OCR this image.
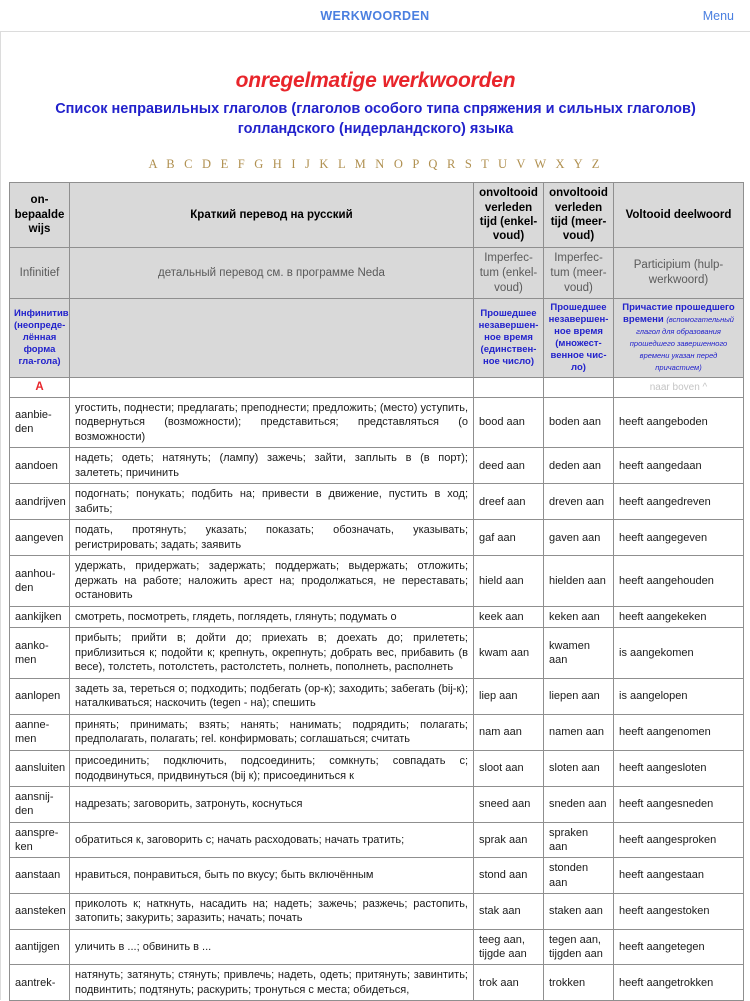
WERKWOORDEN	Menu
onregelmatige werkwoorden
Список неправильных глаголов (глаголов особого типа спряжения и сильных глаголов)
голландского (нидерландского) языка
A B C D E F G H I J K L M N O P Q R S T U V W X Y Z
on-bepaalde wijs	Краткий перевод на русский	onvoltooid verleden tijd (enkel-voud)	onvoltooid verleden tijd (meer-voud)	Voltooid deelwoord
Infinitief	детальный перевод см. в программе Neda	Imperfec-tum (enkel-voud)	Imperfec-tum (meer-voud)	Participium (hulp-werkwoord)
Инфинитив (неопреде-лённая форма гла-гола)		Прошедшее незавершен-ное время (единствен-ное число)	Прошедшее незавершен-ное время (множест-венное чис-ло)	Причастие прошедшего времени (вспомогательный глагол для образования прошедшего завершенного времени указан перед причастием)
A				naar boven ^
aanbie-den	угостить, поднести; предлагать; преподнести; предложить; (место) уступить, подвернуться (возможности); представиться; представляться (о возможности)	bood aan	boden aan	heeft aangeboden
aandoen	надеть; одеть; натянуть; (лампу) зажечь; зайти, заплыть в (в порт); залететь; причинить	deed aan	deden aan	heeft aangedaan
aandrijven	подогнать; понукать; подбить на; привести в движение, пустить в ход; забить;	dreef aan	dreven aan	heeft aangedreven
aangeven	подать, протянуть; указать; показать; обозначать, указывать; регистрировать; задать; заявить	gaf aan	gaven aan	heeft aangegeven
aanhou-den	удержать, придержать; задержать; поддержать; выдержать; отложить; держать на работе; наложить арест на; продолжаться, не переставать; остановить	hield aan	hielden aan	heeft aangehouden
aankijken	смотреть, посмотреть, глядеть, поглядеть, глянуть; подумать о	keek aan	keken aan	heeft aangekeken
aanko-men	прибыть; прийти в; дойти до; приехать в; доехать до; прилететь; приблизиться к; подойти к; крепнуть, окрепнуть; добрать вес, прибавить (в весе), толстеть, потолстеть, растолстеть, полнеть, пополнеть, располнеть	kwam aan	kwamen aan	is aangekomen
aanlopen	задеть за, тереться о; подходить; подбегать (ор-к); заходить; забегать (bij-к); наталкиваться; наскочить (tegen - на); спешить	liep aan	liepen aan	is aangelopen
aanne-men	принять; принимать; взять; нанять; нанимать; подрядить; полагать; предполагать, полагать; rel. конфирмовать; соглашаться; считать	nam aan	namen aan	heeft aangenomen
aansluiten	присоединить; подключить, подсоединить; сомкнуть; совпадать с; пододвинуться, придвинуться (bij к); присоединиться к	sloot aan	sloten aan	heeft aangesloten
aansnij-den	надрезать; заговорить, затронуть, коснуться	sneed aan	sneden aan	heeft aangesneden
aanspre-ken	обратиться к, заговорить с; начать расходовать; начать тратить;	sprak aan	spraken aan	heeft aangesproken
aanstaan	нравиться, понравиться, быть по вкусу; быть включённым	stond aan	stonden aan	heeft aangestaan
aansteken	приколоть к; наткнуть, насадить на; надеть; зажечь; разжечь; растопить, затопить; закурить; заразить; начать; почать	stak aan	staken aan	heeft aangestoken
aantijgen	уличить в ...; обвинить в ...	teeg aan, tijgde aan	tegen aan, tijgden aan	heeft aangetegen
aantrek-	натянуть; затянуть; стянуть; привлечь; надеть, одеть; притянуть; завинтить; подвинтить; подтянуть; раскурить; тронуться с места; обидеться,	trok aan	trokken	heeft aangetrokken
